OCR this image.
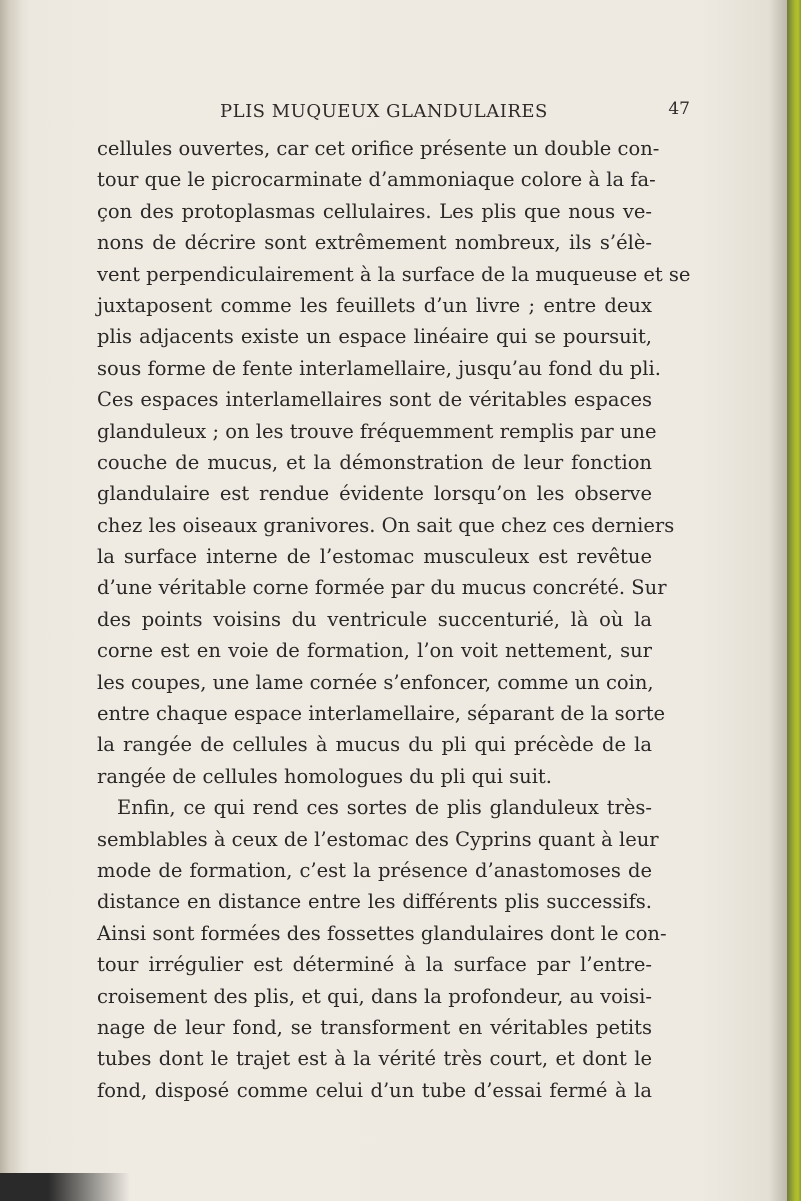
PLIS MUQUEUX GLANDULAIRES	47
cellules ouvertes, car cet orifice présente un double con-
tour que le picrocarminate d’ammoniaque colore à la fa-
çon des protoplasmas cellulaires. Les plis que nous ve-
nons de décrire sont extrêmement nombreux, ils s’élè-
vent perpendiculairement à la surface de la muqueuse et se
juxtaposent comme les feuillets d’un livre ; entre deux
plis adjacents existe un espace linéaire qui se poursuit,
sous forme de fente interlamellaire, jusqu’au fond du pli.
Ces espaces interlamellaires sont de véritables espaces
glanduleux ; on les trouve fréquemment remplis par une
couche de mucus, et la démonstration de leur fonction
glandulaire est rendue évidente lorsqu’on les observe
chez les oiseaux granivores. On sait que chez ces derniers
la surface interne de l’estomac musculeux est revêtue
d’une véritable corne formée par du mucus concrété. Sur
des points voisins du ventricule succenturié, là où la
corne est en voie de formation, l’on voit nettement, sur
les coupes, une lame cornée s’enfoncer, comme un coin,
entre chaque espace interlamellaire, séparant de la sorte
la rangée de cellules à mucus du pli qui précède de la
rangée de cellules homologues du pli qui suit.
Enfin, ce qui rend ces sortes de plis glanduleux très-
semblables à ceux de l’estomac des Cyprins quant à leur
mode de formation, c’est la présence d’anastomoses de
distance en distance entre les différents plis successifs.
Ainsi sont formées des fossettes glandulaires dont le con-
tour irrégulier est déterminé à la surface par l’entre-
croisement des plis, et qui, dans la profondeur, au voisi-
nage de leur fond, se transforment en véritables petits
tubes dont le trajet est à la vérité très court, et dont le
fond, disposé comme celui d’un tube d’essai fermé à la
